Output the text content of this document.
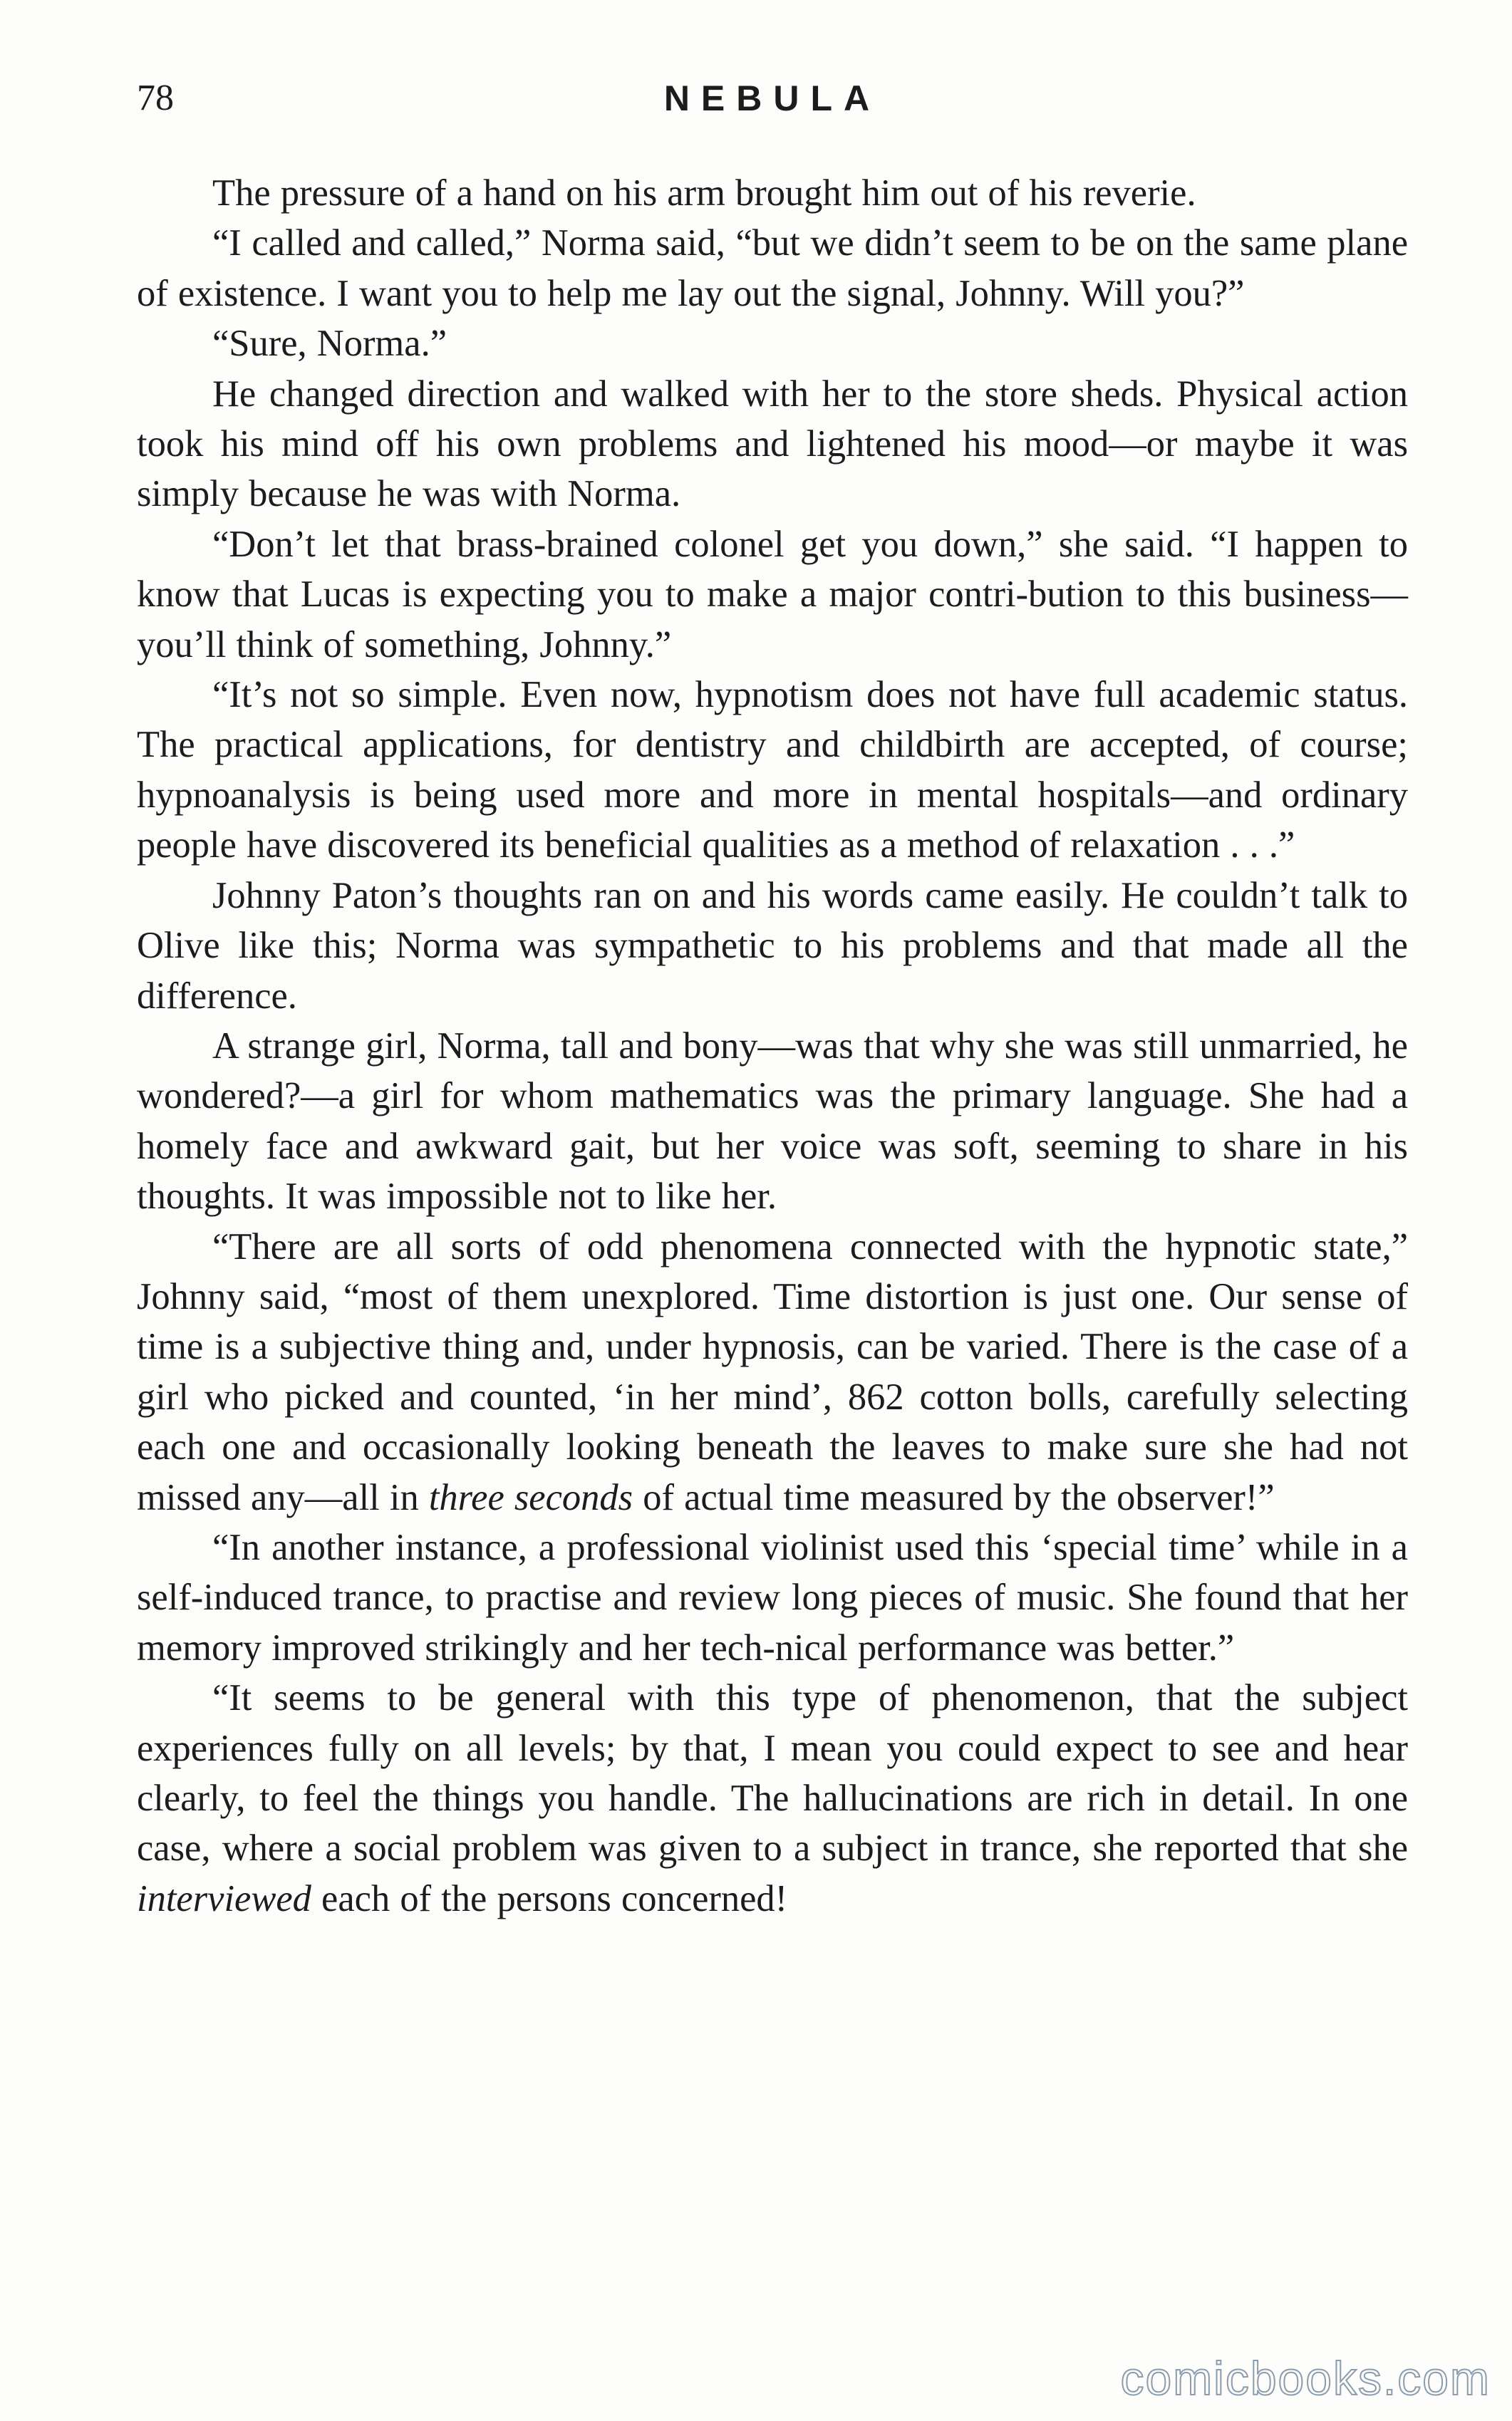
78	NEBULA

The pressure of a hand on his arm brought him out of his reverie.

“I called and called,” Norma said, “but we didn’t seem to be on the same plane of existence. I want you to help me lay out the signal, Johnny. Will you?”

“Sure, Norma.”

He changed direction and walked with her to the store sheds. Physical action took his mind off his own problems and lightened his mood—or maybe it was simply because he was with Norma.

“Don’t let that brass-brained colonel get you down,” she said. “I happen to know that Lucas is expecting you to make a major contri-bution to this business—you’ll think of something, Johnny.”

“It’s not so simple. Even now, hypnotism does not have full academic status. The practical applications, for dentistry and childbirth are accepted, of course; hypnoanalysis is being used more and more in mental hospitals—and ordinary people have discovered its beneficial qualities as a method of relaxation . . .”

Johnny Paton’s thoughts ran on and his words came easily. He couldn’t talk to Olive like this; Norma was sympathetic to his problems and that made all the difference.

A strange girl, Norma, tall and bony—was that why she was still unmarried, he wondered?—a girl for whom mathematics was the primary language. She had a homely face and awkward gait, but her voice was soft, seeming to share in his thoughts. It was impossible not to like her.

“There are all sorts of odd phenomena connected with the hypnotic state,” Johnny said, “most of them unexplored. Time distortion is just one. Our sense of time is a subjective thing and, under hypnosis, can be varied. There is the case of a girl who picked and counted, ‘in her mind’, 862 cotton bolls, carefully selecting each one and occasionally looking beneath the leaves to make sure she had not missed any—all in three seconds of actual time measured by the observer!”

“In another instance, a professional violinist used this ‘special time’ while in a self-induced trance, to practise and review long pieces of music. She found that her memory improved strikingly and her tech-nical performance was better.”

“It seems to be general with this type of phenomenon, that the subject experiences fully on all levels; by that, I mean you could expect to see and hear clearly, to feel the things you handle. The hallucinations are rich in detail. In one case, where a social problem was given to a subject in trance, she reported that she interviewed each of the persons concerned!

comicbooks.com
